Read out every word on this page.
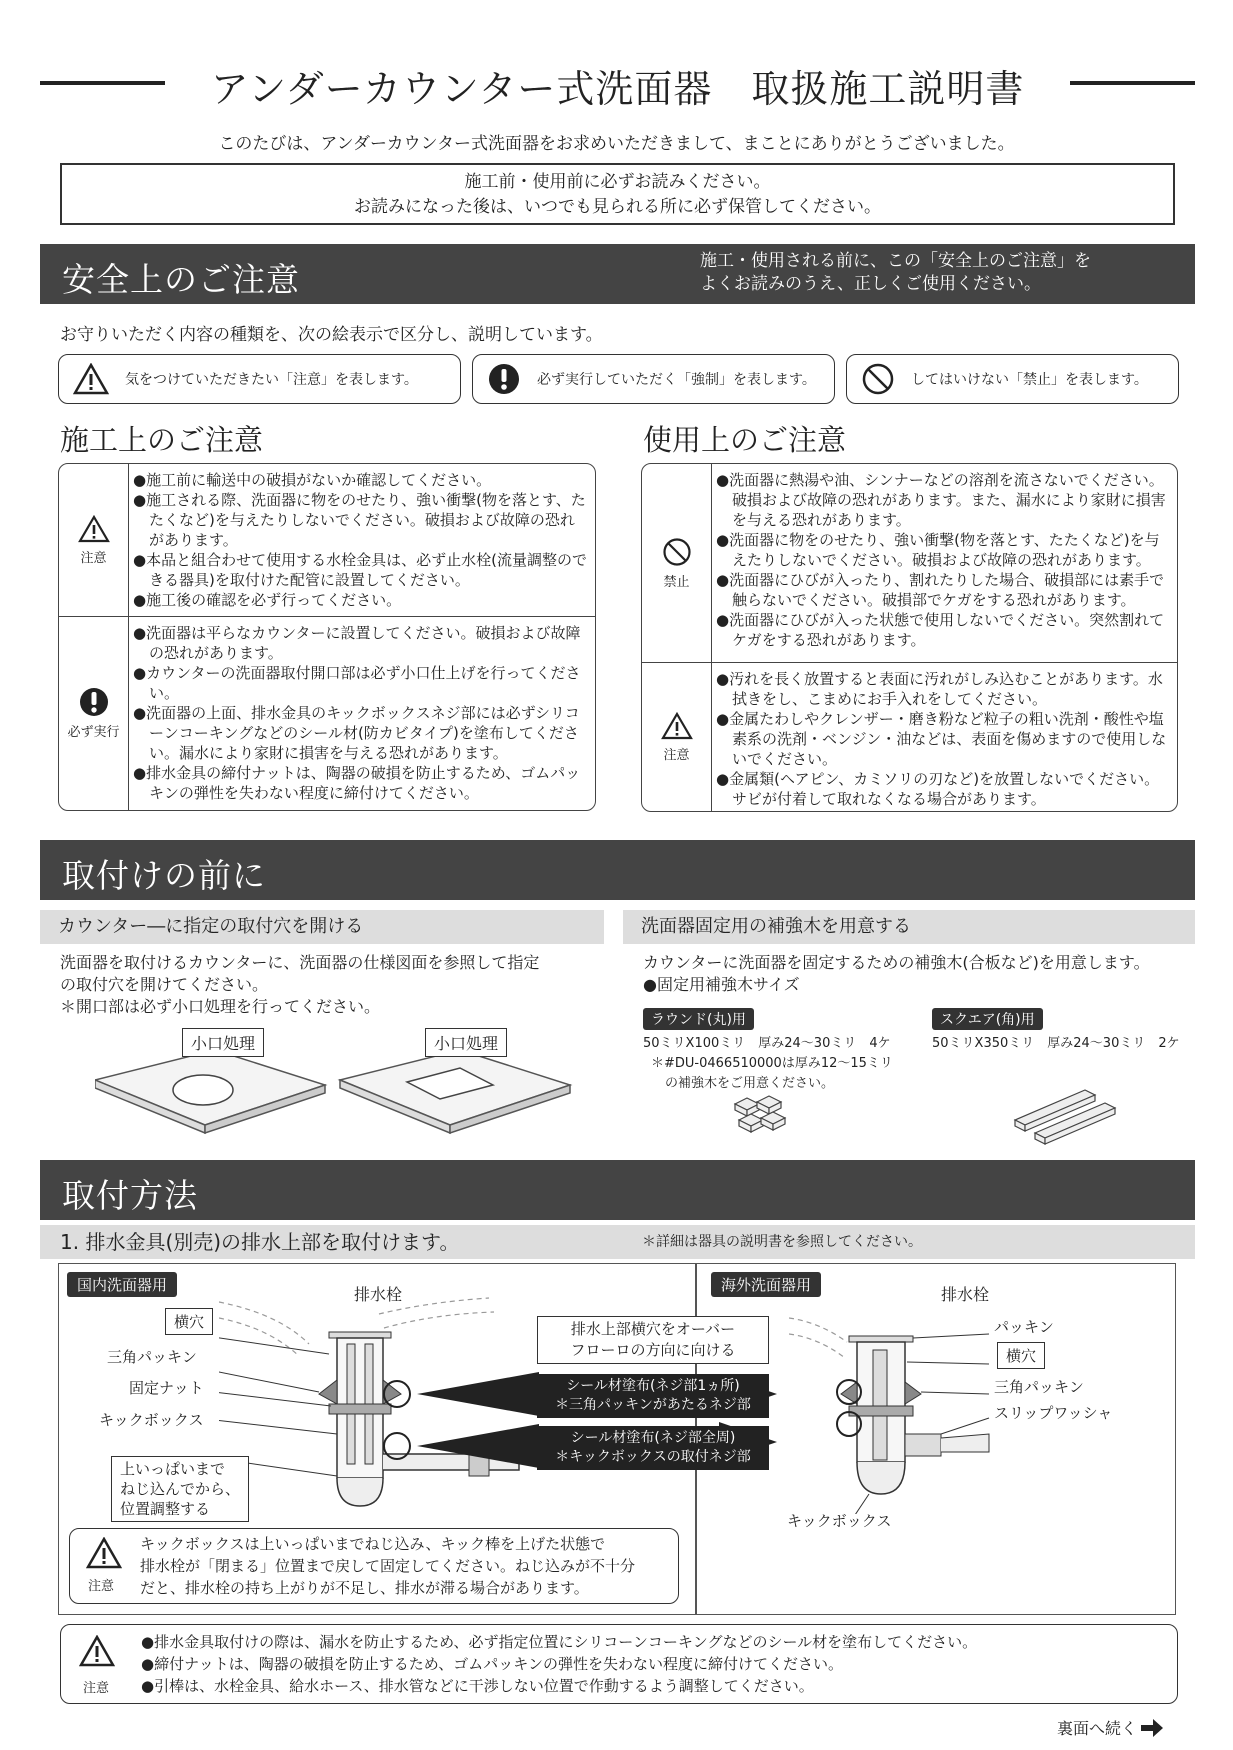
アンダーカウンター式洗面器　取扱施工説明書
このたびは、アンダーカウンター式洗面器をお求めいただきまして、まことにありがとうございました。
施工前・使用前に必ずお読みください。
お読みになった後は、いつでも見られる所に必ず保管してください。
安全上のご注意	施工・使用される前に、この「安全上のご注意」を
よくお読みのうえ、正しくご使用ください。
お守りいただく内容の種類を、次の絵表示で区分し、説明しています。
気をつけていただきたい「注意」を表します。	必ず実行していただく「強制」を表します。	してはいけない「禁止」を表します。
施工上のご注意
注意

●施工前に輸送中の破損がないか確認してください。

●施工される際、洗面器に物をのせたり、強い衝撃(物を落とす、たたくなど)を与えたりしないでください。破損および故障の恐れがあります。

●本品と組合わせて使用する水栓金具は、必ず止水栓(流量調整のできる器具)を取付けた配管に設置してください。

●施工後の確認を必ず行ってください。

必ず実行

●洗面器は平らなカウンターに設置してください。破損および故障の恐れがあります。

●カウンターの洗面器取付開口部は必ず小口仕上げを行ってください。

●洗面器の上面、排水金具のキックボックスネジ部には必ずシリコーンコーキングなどのシール材(防カビタイプ)を塗布してください。漏水により家財に損害を与える恐れがあります。

●排水金具の締付ナットは、陶器の破損を防止するため、ゴムパッキンの弾性を失わない程度に締付けてください。

使用上のご注意
禁止

●洗面器に熱湯や油、シンナーなどの溶剤を流さないでください。破損および故障の恐れがあります。また、漏水により家財に損害を与える恐れがあります。

●洗面器に物をのせたり、強い衝撃(物を落とす、たたくなど)を与えたりしないでください。破損および故障の恐れがあります。

●洗面器にひびが入ったり、割れたりした場合、破損部には素手で触らないでください。破損部でケガをする恐れがあります。

●洗面器にひびが入った状態で使用しないでください。突然割れてケガをする恐れがあります。

注意

●汚れを長く放置すると表面に汚れがしみ込むことがあります。水拭きをし、こまめにお手入れをしてください。

●金属たわしやクレンザー・磨き粉など粒子の粗い洗剤・酸性や塩素系の洗剤・ベンジン・油などは、表面を傷めますので使用しないでください。

●金属類(ヘアピン、カミソリの刃など)を放置しないでください。サビが付着して取れなくなる場合があります。

取付けの前に
カウンター―に指定の取付穴を開ける	洗面器固定用の補強木を用意する
洗面器を取付けるカウンターに、洗面器の仕様図面を参照して指定
の取付穴を開けてください。
＊開口部は必ず小口処理を行ってください。
小口処理	小口処理
カウンターに洗面器を固定するための補強木(合板など)を用意します。
●固定用補強木サイズ
ラウンド(丸)用
50ミリX100ミリ　厚み24～30ミリ　4ケ
＊#DU-0466510000は厚み12～15ミリ
の補強木をご用意ください。
スクエア(角)用
50ミリX350ミリ　厚み24～30ミリ　2ケ
取付方法
1. 排水金具(別売)の排水上部を取付けます。	＊詳細は器具の説明書を参照してください。
国内洗面器用	海外洗面器用
排水栓
横穴
三角パッキン
固定ナット
キックボックス
上いっぱいまで
ねじ込んでから、
位置調整する
排水上部横穴をオーバー
フローロの方向に向ける
シール材塗布(ネジ部1ヵ所)
＊三角パッキンがあたるネジ部
シール材塗布(ネジ部全周)
＊キックボックスの取付ネジ部
注意
キックボックスは上いっぱいまでねじ込み、キック棒を上げた状態で
排水栓が「閉まる」位置まで戻して固定してください。ねじ込みが不十分
だと、排水栓の持ち上がりが不足し、排水が滞る場合があります。
排水栓
パッキン
横穴
三角パッキン
スリップワッシャ
キックボックス
注意
●排水金具取付けの際は、漏水を防止するため、必ず指定位置にシリコーンコーキングなどのシール材を塗布してください。
●締付ナットは、陶器の破損を防止するため、ゴムパッキンの弾性を失わない程度に締付けてください。
●引棒は、水栓金具、給水ホース、排水管などに干渉しない位置で作動するよう調整してください。
裏面へ続く
